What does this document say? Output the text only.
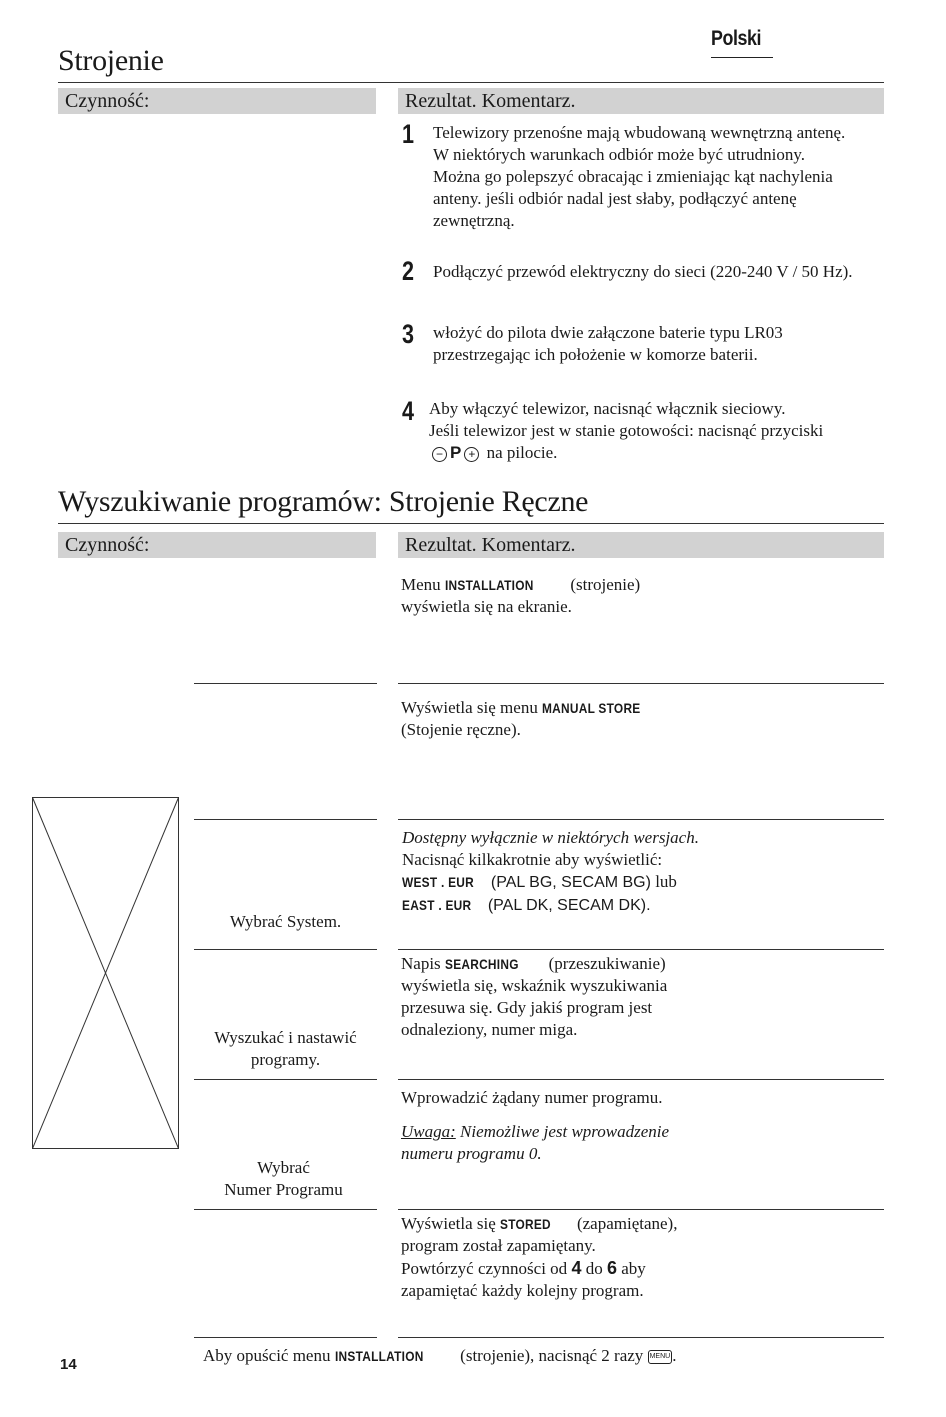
Polski
Strojenie
Czynność:	Rezultat. Komentarz.
1 Telewizory przenośne mają wbudowaną wewnętrzną antenę.
W niektórych warunkach odbiór może być utrudniony.
Można go polepszyć obracając i zmieniając kąt nachylenia
anteny. jeśli odbiór nadal jest słaby, podłączyć antenę
zewnętrzną.
2 Podłączyć przewód elektryczny do sieci (220-240 V / 50 Hz).
3 włożyć do pilota dwie załączone baterie typu LR03
przestrzegając ich położenie w komorze baterii.
4 Aby włączyć telewizor, nacisnąć włącznik sieciowy.
Jeśli telewizor jest w stanie gotowości: nacisnąć przyciski
− P + na pilocie.
Wyszukiwanie programów: Strojenie Ręczne
Czynność:	Rezultat. Komentarz.
Menu INSTALLATION (strojenie)
wyświetla się na ekranie.
Wyświetla się menu MANUAL STORE
(Stojenie ręczne).
Wybrać System.
Dostępny wyłącznie w niektórych wersjach.
Nacisnąć kilkakrotnie aby wyświetlić:
WEST . EUR (PAL BG, SECAM BG) lub
EAST . EUR (PAL DK, SECAM DK).
Wyszukać i nastawić
programy.
Napis SEARCHING (przeszukiwanie)
wyświetla się, wskaźnik wyszukiwania
przesuwa się. Gdy jakiś program jest
odnaleziony, numer miga.
Wybrać
Numer Programu
Wprowadzić żądany numer programu.
Uwaga: Niemożliwe jest wprowadzenie
numeru programu 0.
Wyświetla się STORED (zapamiętane),
program został zapamiętany.
Powtórzyć czynności od 4 do 6 aby
zapamiętać każdy kolejny program.
Aby opuścić menu INSTALLATION (strojenie), nacisnąć 2 razy MENU .
14
